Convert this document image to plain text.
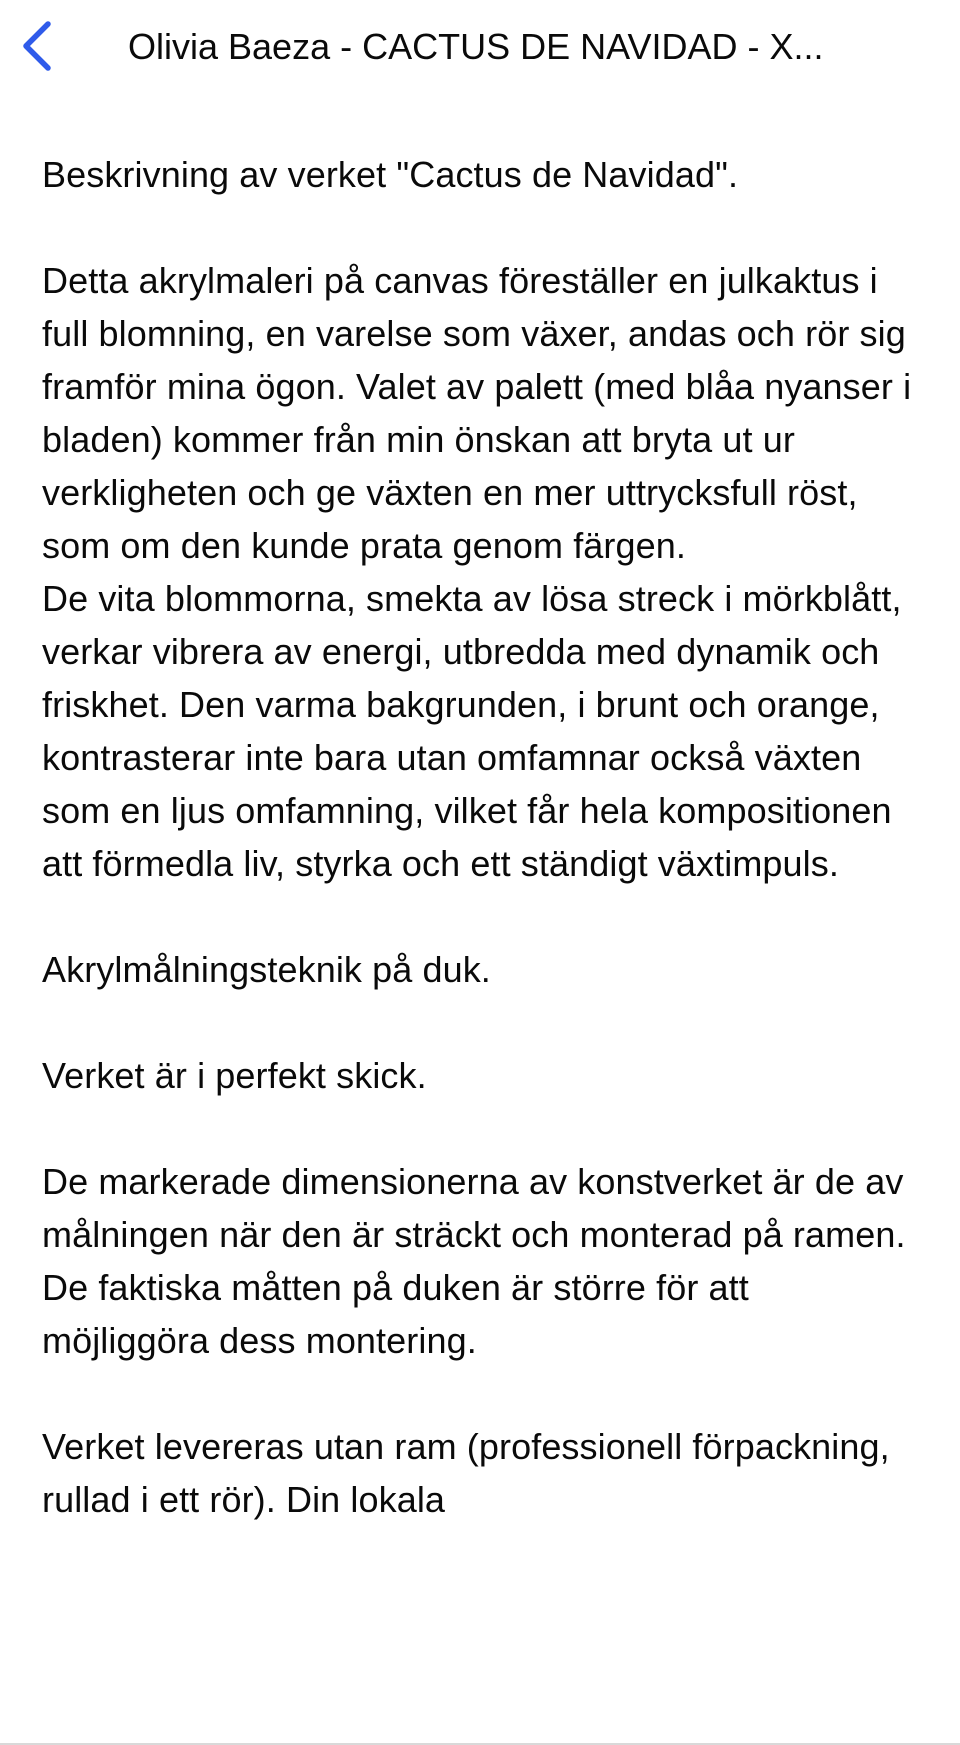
Olivia Baeza - CACTUS DE NAVIDAD - X...

Beskrivning av verket "Cactus de Navidad".

Detta akrylmaleri på canvas föreställer en julkaktus i full blomning, en varelse som växer, andas och rör sig framför mina ögon. Valet av palett (med blåa nyanser i bladen) kommer från min önskan att bryta ut ur verkligheten och ge växten en mer uttrycksfull röst, som om den kunde prata genom färgen.

De vita blommorna, smekta av lösa streck i mörkblått, verkar vibrera av energi, utbredda med dynamik och friskhet. Den varma bakgrunden, i brunt och orange, kontrasterar inte bara utan omfamnar också växten som en ljus omfamning, vilket får hela kompositionen att förmedla liv, styrka och ett ständigt växtimpuls.

Akrylmålningsteknik på duk.

Verket är i perfekt skick.

De markerade dimensionerna av konstverket är de av målningen när den är sträckt och monterad på ramen. De faktiska måtten på duken är större för att möjliggöra dess montering.

Verket levereras utan ram (professionell förpackning, rullad i ett rör). Din lokala
